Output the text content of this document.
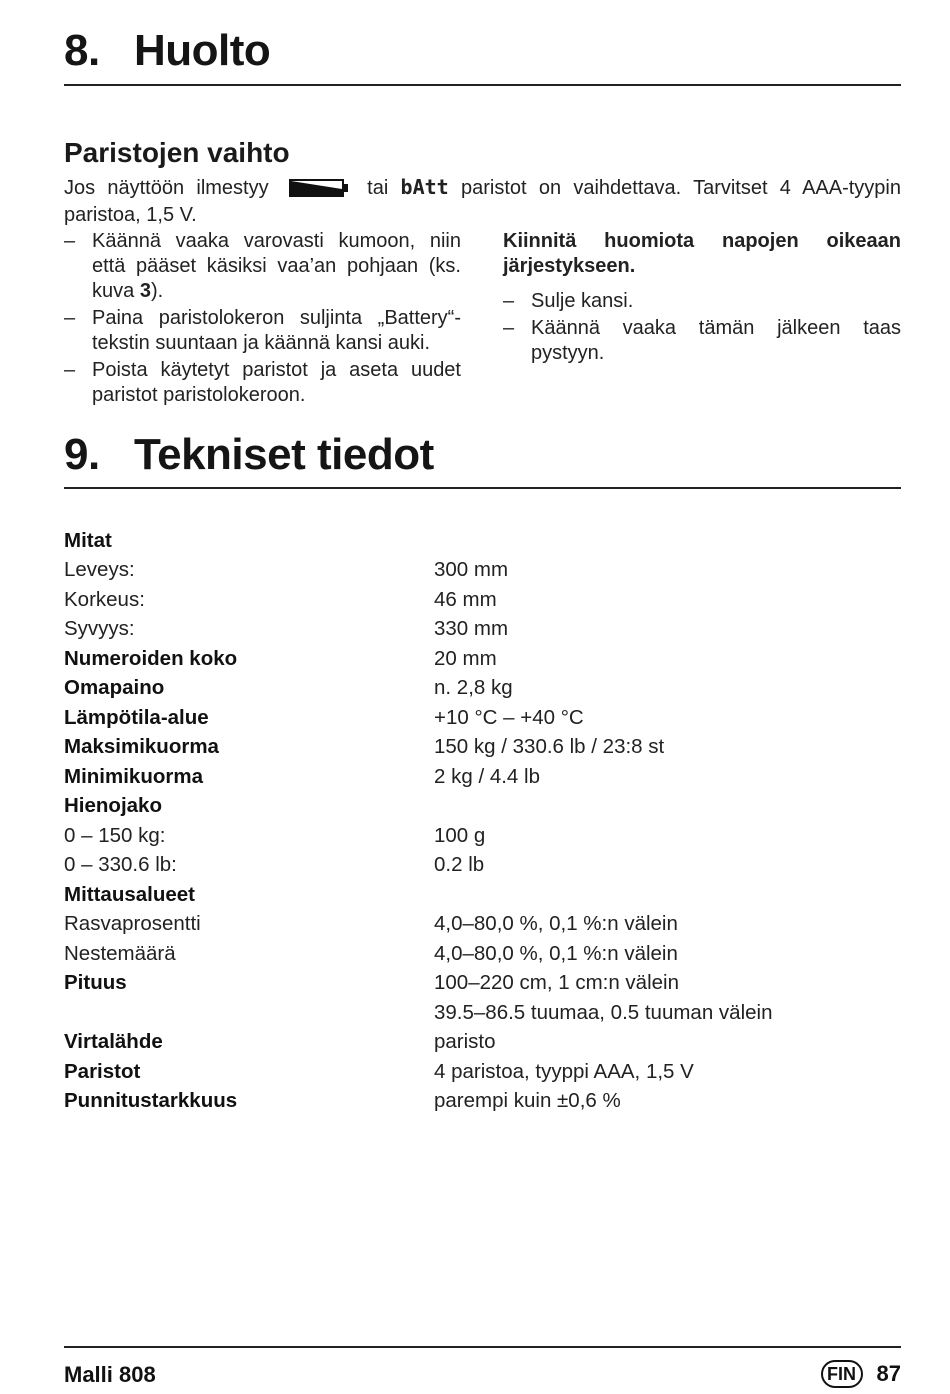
8. Huolto
Paristojen vaihto
Jos näyttöön ilmestyy	tai bAtt paristot on vaihdettava. Tarvitset 4 AAA-tyypin paristoa, 1,5 V.
– Käännä vaaka varovasti kumoon, niin että pääset käsiksi vaa’an pohjaan (ks. kuva 3).
– Paina paristolokeron suljinta „Battery“-tekstin suuntaan ja käännä kansi auki.
– Poista käytetyt paristot ja aseta uudet paristot paristolokeroon.

Kiinnitä huomiota napojen oikeaan järjestykseen.

– Sulje kansi.
– Käännä vaaka tämän jälkeen taas pystyyn.
9. Tekniset tiedot
Mitat
Leveys:	300 mm
Korkeus:	46 mm
Syvyys:	330 mm
Numeroiden koko	20 mm
Omapaino	n. 2,8 kg
Lämpötila-alue	+10 °C – +40 °C
Maksimikuorma	150 kg / 330.6 lb / 23:8 st
Minimikuorma	2 kg / 4.4 lb
Hienojako
0 – 150 kg:	100 g
0 – 330.6 lb:	0.2 lb
Mittausalueet
Rasvaprosentti	4,0–80,0 %, 0,1 %:n välein
Nestemäärä	4,0–80,0 %, 0,1 %:n välein
Pituus	100–220 cm, 1 cm:n välein
39.5–86.5 tuumaa, 0.5 tuuman välein
Virtalähde	paristo
Paristot	4 paristoa, tyyppi AAA, 1,5 V
Punnitustarkkuus	parempi kuin ±0,6 %
Malli 808	FIN 87
